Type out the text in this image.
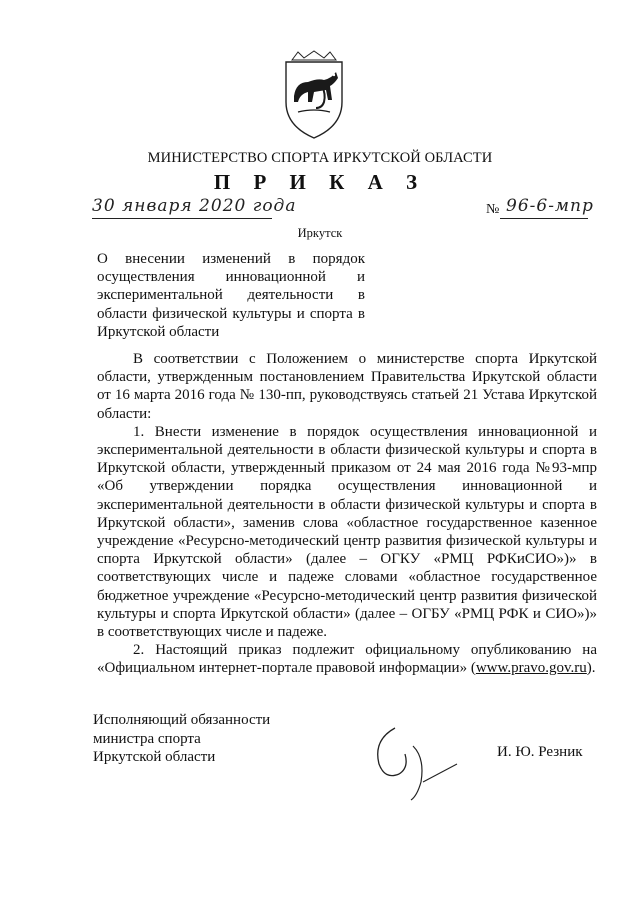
МИНИСТЕРСТВО СПОРТА ИРКУТСКОЙ ОБЛАСТИ
П Р И К А З
30 января 2020 года	№ 96-6-мпр
Иркутск
О внесении изменений в порядок осуществления инновационной и экспериментальной деятельности в области физической культуры и спорта в Иркутской области

В соответствии с Положением о министерстве спорта Иркутской области, утвержденным постановлением Правительства Иркутской области от 16 марта 2016 года № 130-пп, руководствуясь статьей 21 Устава Иркутской области:

1. Внести изменение в порядок осуществления инновационной и экспериментальной деятельности в области физической культуры и спорта в Иркутской области, утвержденный приказом от 24 мая 2016 года №93-мпр «Об утверждении порядка осуществления инновационной и экспериментальной деятельности в области физической культуры и спорта в Иркутской области», заменив слова «областное государственное казенное учреждение «Ресурсно-методический центр развития физической культуры и спорта Иркутской области» (далее – ОГКУ «РМЦ РФКиСИО»)» в соответствующих числе и падеже словами «областное государственное бюджетное учреждение «Ресурсно-методический центр развития физической культуры и спорта Иркутской области» (далее – ОГБУ «РМЦ РФК и СИО»)» в соответствующих числе и падеже.

2. Настоящий приказ подлежит официальному опубликованию на «Официальном интернет-портале правовой информации» (www.pravo.gov.ru).

Исполняющий обязанности
министра спорта
Иркутской области	И. Ю. Резник
